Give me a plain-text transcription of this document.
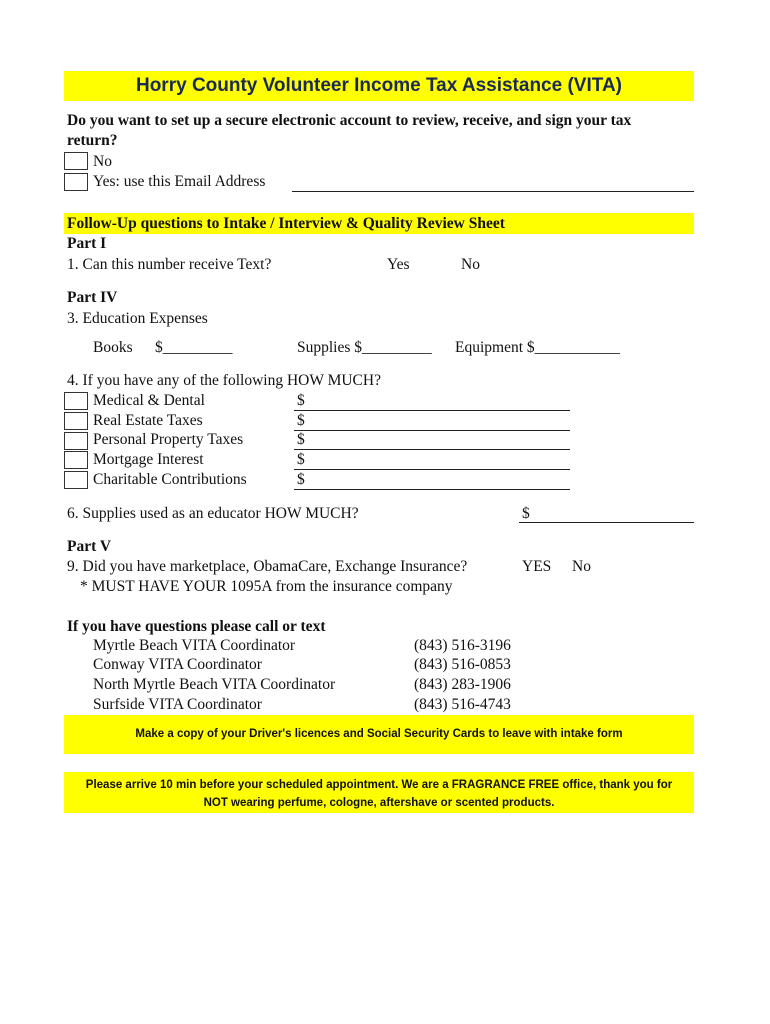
Horry County Volunteer Income Tax Assistance (VITA)
Do you want to set up a secure electronic account to review, receive, and sign your tax
return?
No
Yes: use this Email Address
Follow-Up questions to Intake / Interview & Quality Review Sheet
Part I
1. Can this number receive Text?	Yes	No
Part IV
3. Education Expenses
Books $_________	Supplies $_________ Equipment $___________
4. If you have any of the following HOW MUCH?
Medical & Dental	$
Real Estate Taxes	$
Personal Property Taxes	$
Mortgage Interest	$
Charitable Contributions	$
6. Supplies used as an educator HOW MUCH?	$
Part V
9. Did you have marketplace, ObamaCare, Exchange Insurance?	YES No
* MUST HAVE YOUR 1095A from the insurance company
If you have questions please call or text
Myrtle Beach VITA Coordinator	(843) 516-3196
Conway VITA Coordinator	(843) 516-0853
North Myrtle Beach VITA Coordinator	(843) 283-1906
Surfside VITA Coordinator	(843) 516-4743
Make a copy of your Driver's licences and Social Security Cards to leave with intake form
Please arrive 10 min before your scheduled appointment. We are a FRAGRANCE FREE office, thank you for
NOT wearing perfume, cologne, aftershave or scented products.
